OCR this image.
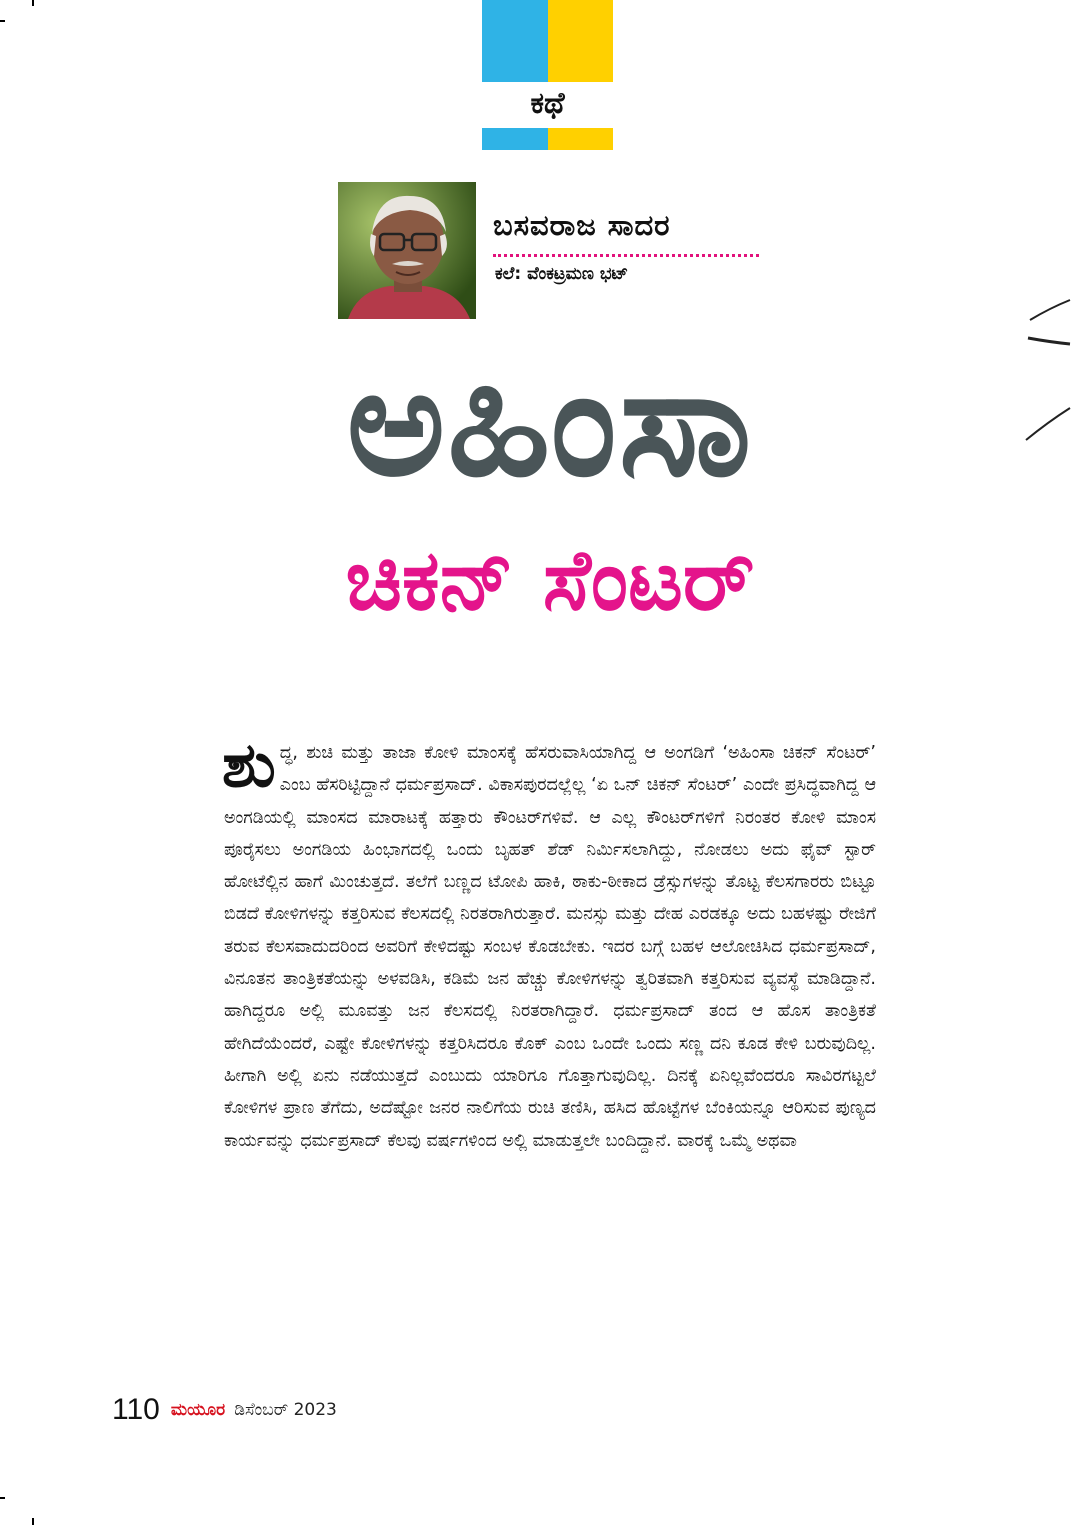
ಕಥೆ
ಬಸವರಾಜ ಸಾದರ
ಕಲೆ: ವೆಂಕಟ್ರಮಣ ಭಟ್
ಅಹಿಂಸಾ
ಚಿಕನ್ ಸೆಂಟರ್
ಶು ದ್ಧ, ಶುಚಿ ಮತ್ತು ತಾಜಾ ಕೋಳಿ ಮಾಂಸಕ್ಕೆ ಹೆಸರುವಾಸಿಯಾಗಿದ್ದ ಆ ಅಂಗಡಿಗೆ ‘ಅಹಿಂಸಾ ಚಿಕನ್ ಸೆಂಟರ್’ ಎಂಬ ಹೆಸರಿಟ್ಟಿದ್ದಾನೆ ಧರ್ಮಪ್ರಸಾದ್. ವಿಕಾಸಪುರದಲ್ಲೆಲ್ಲ ‘ಏ ಒನ್ ಚಿಕನ್ ಸೆಂಟರ್’ ಎಂದೇ ಪ್ರಸಿದ್ಧವಾಗಿದ್ದ ಆ ಅಂಗಡಿಯಲ್ಲಿ ಮಾಂಸದ ಮಾರಾಟಕ್ಕೆ ಹತ್ತಾರು ಕೌಂಟರ್‌ಗಳಿವೆ. ಆ ಎಲ್ಲ ಕೌಂಟರ್‌ಗಳಿಗೆ ನಿರಂತರ ಕೋಳಿ ಮಾಂಸ ಪೂರೈಸಲು ಅಂಗಡಿಯ ಹಿಂಭಾಗದಲ್ಲಿ ಒಂದು ಬೃಹತ್ ಶೆಡ್ ನಿರ್ಮಿಸಲಾಗಿದ್ದು, ನೋಡಲು ಅದು ಫೈವ್ ಸ್ಟಾರ್ ಹೋಟೆಲ್ಲಿನ ಹಾಗೆ ಮಿಂಚುತ್ತದೆ. ತಲೆಗೆ ಬಣ್ಣದ ಟೋಪಿ ಹಾಕಿ, ಠಾಕು-ಠೀಕಾದ ಡ್ರೆಸ್ಸುಗಳನ್ನು ತೊಟ್ಟ ಕೆಲಸಗಾರರು ಬಿಟ್ಟೂ ಬಿಡದೆ ಕೋಳಿಗಳನ್ನು ಕತ್ತರಿಸುವ ಕೆಲಸದಲ್ಲಿ ನಿರತರಾಗಿರುತ್ತಾರೆ. ಮನಸ್ಸು ಮತ್ತು ದೇಹ ಎರಡಕ್ಕೂ ಅದು ಬಹಳಷ್ಟು ರೇಜಿಗೆ ತರುವ ಕೆಲಸವಾದುದರಿಂದ ಅವರಿಗೆ ಕೇಳಿದಷ್ಟು ಸಂಬಳ ಕೊಡಬೇಕು. ಇದರ ಬಗ್ಗೆ ಬಹಳ ಆಲೋಚಿಸಿದ ಧರ್ಮಪ್ರಸಾದ್, ವಿನೂತನ ತಾಂತ್ರಿಕತೆಯನ್ನು ಅಳವಡಿಸಿ, ಕಡಿಮೆ ಜನ ಹೆಚ್ಚು ಕೋಳಿಗಳನ್ನು ತ್ವರಿತವಾಗಿ ಕತ್ತರಿಸುವ ವ್ಯವಸ್ಥೆ ಮಾಡಿದ್ದಾನೆ. ಹಾಗಿದ್ದರೂ ಅಲ್ಲಿ ಮೂವತ್ತು ಜನ ಕೆಲಸದಲ್ಲಿ ನಿರತರಾಗಿದ್ದಾರೆ. ಧರ್ಮಪ್ರಸಾದ್ ತಂದ ಆ ಹೊಸ ತಾಂತ್ರಿಕತೆ ಹೇಗಿದೆಯೆಂದರೆ, ಎಷ್ಟೇ ಕೋಳಿಗಳನ್ನು ಕತ್ತರಿಸಿದರೂ ಕೊಕ್ ಎಂಬ ಒಂದೇ ಒಂದು ಸಣ್ಣ ದನಿ ಕೂಡ ಕೇಳಿ ಬರುವುದಿಲ್ಲ. ಹೀಗಾಗಿ ಅಲ್ಲಿ ಏನು ನಡೆಯುತ್ತದೆ ಎಂಬುದು ಯಾರಿಗೂ ಗೊತ್ತಾಗುವುದಿಲ್ಲ. ದಿನಕ್ಕೆ ಏನಿಲ್ಲವೆಂದರೂ ಸಾವಿರಗಟ್ಟಲೆ ಕೋಳಿಗಳ ಪ್ರಾಣ ತೆಗೆದು, ಅದೆಷ್ಟೋ ಜನರ ನಾಲಿಗೆಯ ರುಚಿ ತಣಿಸಿ, ಹಸಿದ ಹೊಟ್ಟೆಗಳ ಬೆಂಕಿಯನ್ನೂ ಆರಿಸುವ ಪುಣ್ಯದ ಕಾರ್ಯವನ್ನು ಧರ್ಮಪ್ರಸಾದ್ ಕೆಲವು ವರ್ಷಗಳಿಂದ ಅಲ್ಲಿ ಮಾಡುತ್ತಲೇ ಬಂದಿದ್ದಾನೆ. ವಾರಕ್ಕೆ ಒಮ್ಮೆ ಅಥವಾ

110 ಮಯೂರ ಡಿಸೆಂಬರ್ 2023
